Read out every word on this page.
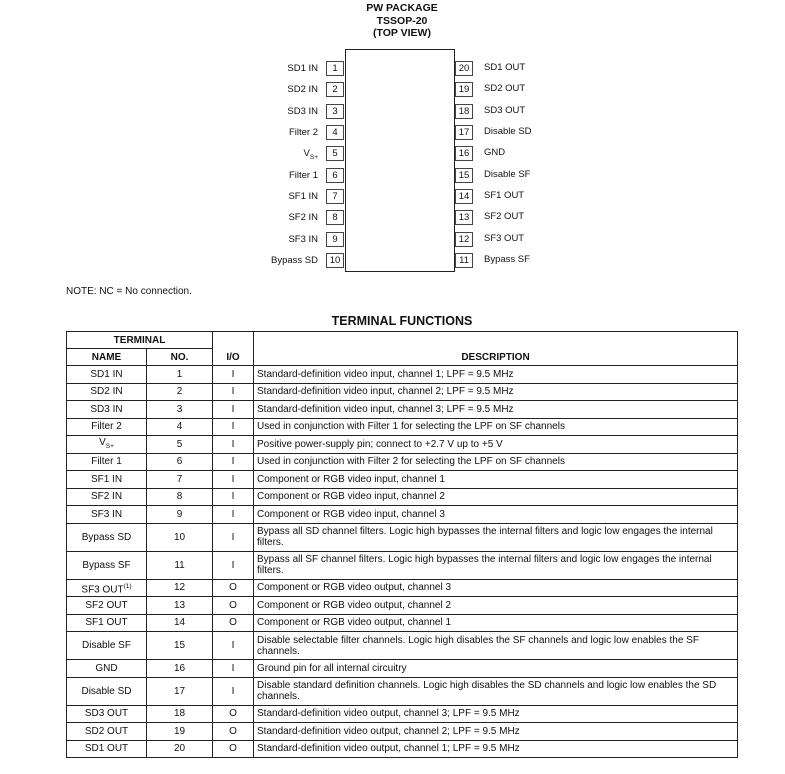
PW PACKAGE
TSSOP-20
(TOP VIEW)
SD1 IN	1
SD2 IN	2
SD3 IN	3
Filter 2	4
$V_{S+}$	5
Filter 1	6
SF1 IN	7
SF2 IN	8
SF3 IN	9
Bypass SD	10
20	SD1 OUT
19	SD2 OUT
18	SD3 OUT
17	Disable SD
16	GND
15	Disable SF
14	SF1 OUT
13	SF2 OUT
12	SF3 OUT
11	Bypass SF
NOTE: NC = No connection.
TERMINAL FUNCTIONS
TERMINAL		I/O	DESCRIPTION
NAME	NO.		
SD1 IN	1	I	Standard-definition video input, channel 1; LPF = 9.5 MHz
SD2 IN	2	I	Standard-definition video input, channel 2; LPF = 9.5 MHz
SD3 IN	3	I	Standard-definition video input, channel 3; LPF = 9.5 MHz
Filter 2	4	I	Used in conjunction with Filter 1 for selecting the LPF on SF channels
$V_{S+}$	5	I	Positive power-supply pin; connect to +2.7 V up to +5 V
Filter 1	6	I	Used in conjunction with Filter 2 for selecting the LPF on SF channels
SF1 IN	7	I	Component or RGB video input, channel 1
SF2 IN	8	I	Component or RGB video input, channel 2
SF3 IN	9	I	Component or RGB video input, channel 3
Bypass SD	10	I	Bypass all SD channel filters. Logic high bypasses the internal filters and logic low engages the internal filters.
Bypass SF	11	I	Bypass all SF channel filters. Logic high bypasses the internal filters and logic low engages the internal filters.
SF3 OUT$^{(1)}$	12	O	Component or RGB video output, channel 3
SF2 OUT	13	O	Component or RGB video output, channel 2
SF1 OUT	14	O	Component or RGB video output, channel 1
Disable SF	15	I	Disable selectable filter channels. Logic high disables the SF channels and logic low enables the SF channels.
GND	16	I	Ground pin for all internal circuitry
Disable SD	17	I	Disable standard definition channels. Logic high disables the SD channels and logic low enables the SD channels.
SD3 OUT	18	O	Standard-definition video output, channel 3; LPF = 9.5 MHz
SD2 OUT	19	O	Standard-definition video output, channel 2; LPF = 9.5 MHz
SD1 OUT	20	O	Standard-definition video output, channel 1; LPF = 9.5 MHz
